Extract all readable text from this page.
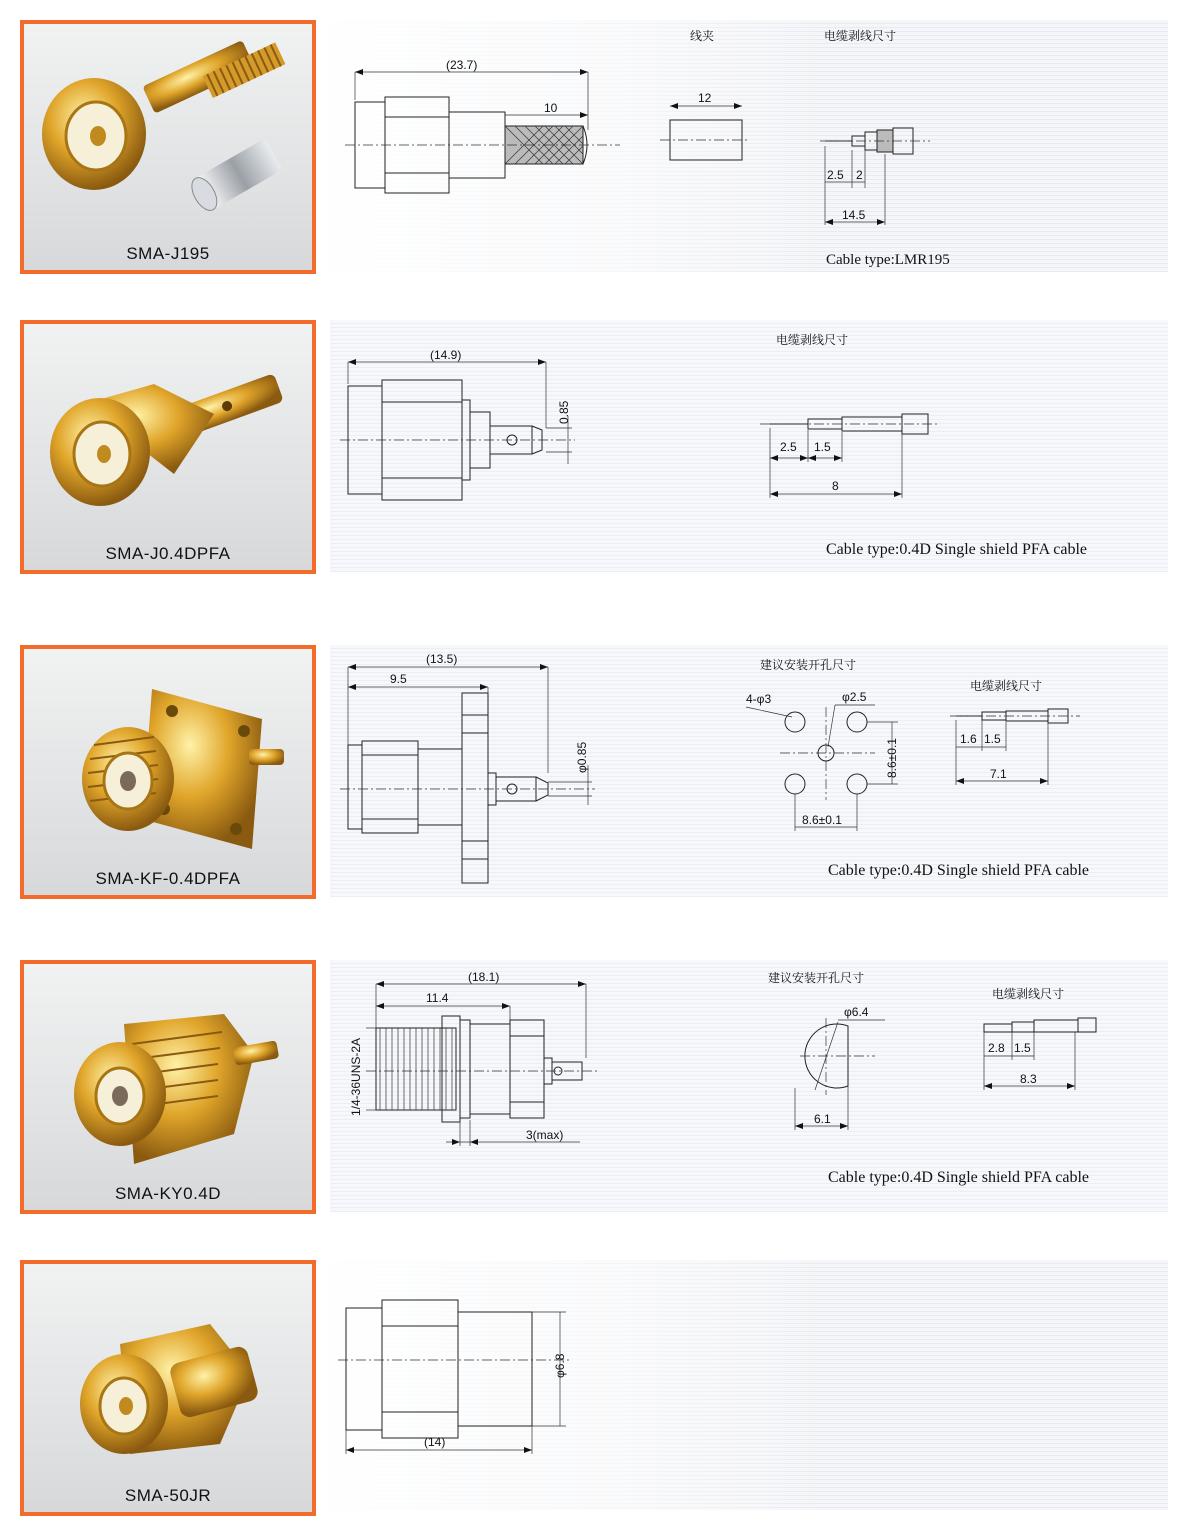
SMA-J195
(23.7)
10
线夹
12
电缆剥线尺寸
2.5 2
14.5
Cable type:LMR195
SMA-J0.4DPFA
(14.9)
0.85
电缆剥线尺寸
2.5 1.5
8
Cable type:0.4D Single shield PFA cable
SMA-KF-0.4DPFA
(13.5)
9.5
φ0.85
建议安装开孔尺寸
4-φ3	φ2.5
8.6±0.1
8.6±0.1
电缆剥线尺寸
1.6 1.5
7.1
Cable type:0.4D Single shield PFA cable
SMA-KY0.4D
(18.1)
11.4
1/4-36UNS-2A
3(max)
建议安装开孔尺寸
φ6.4
6.1
电缆剥线尺寸
2.8 1.5
8.3
Cable type:0.4D Single shield PFA cable
SMA-50JR
φ6.8
(14)
